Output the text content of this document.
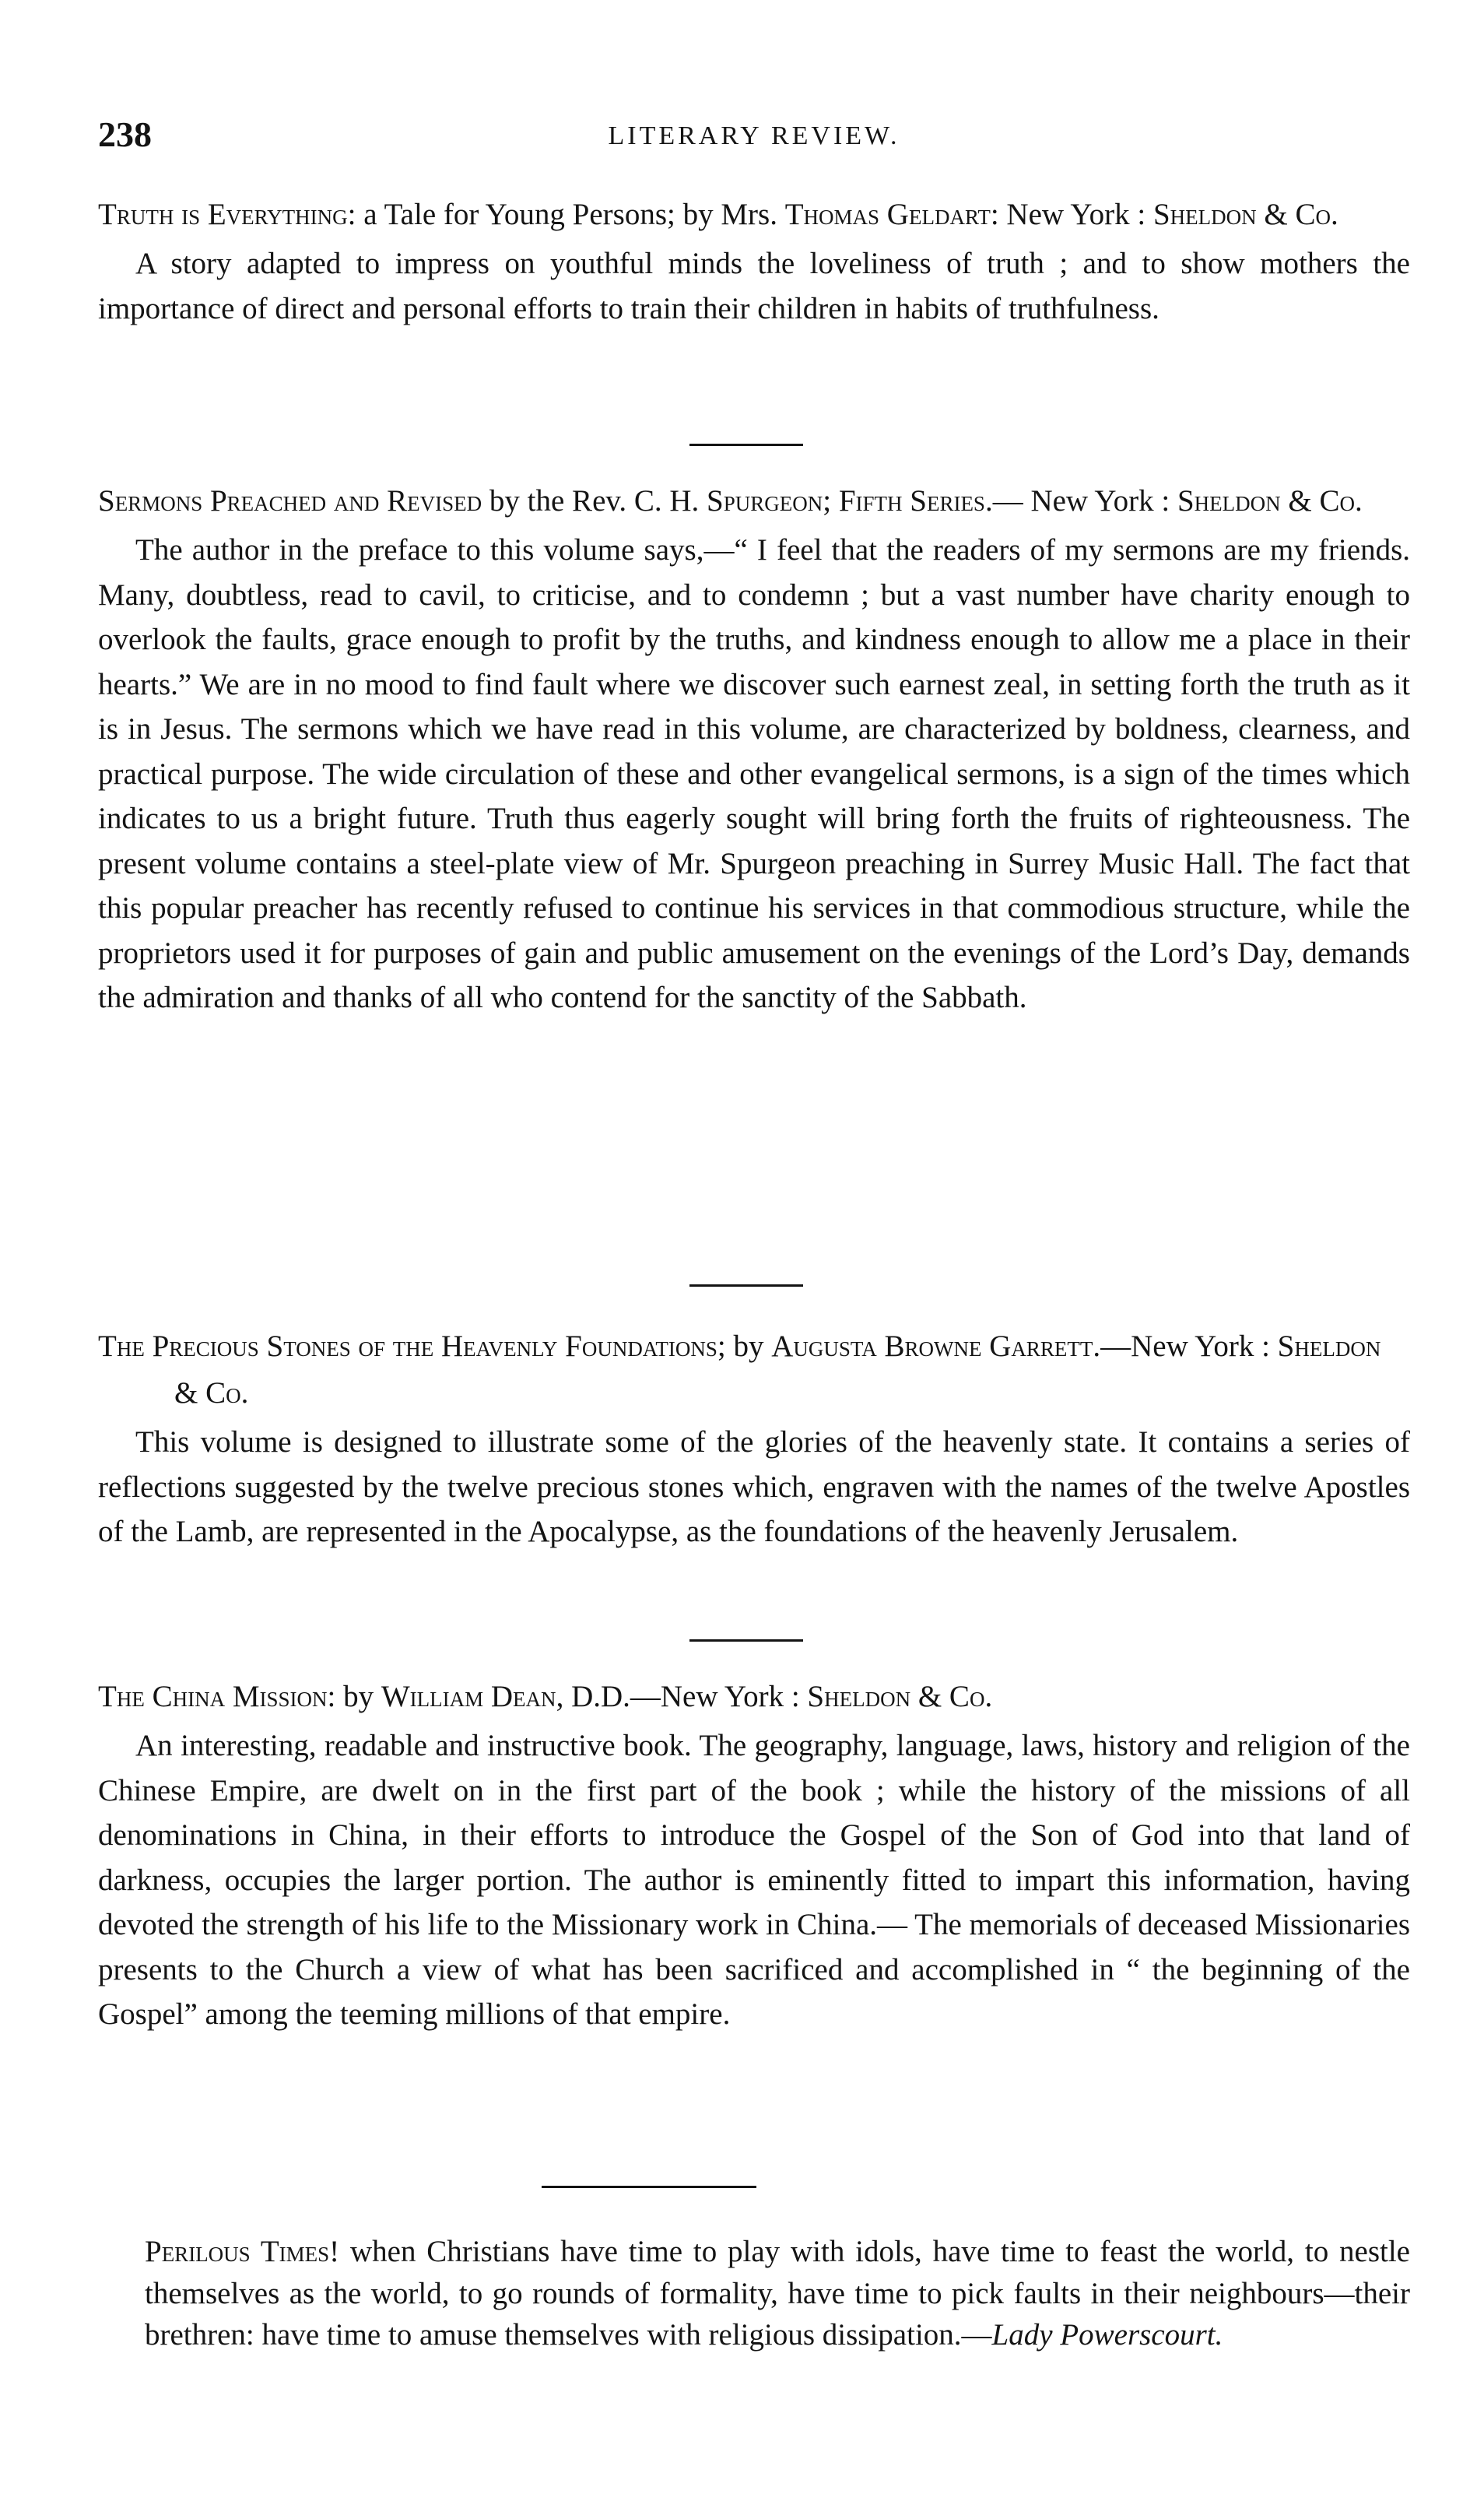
238	LITERARY REVIEW.
Truth is Everything: a Tale for Young Persons; by Mrs. Thomas Geldart: New York : Sheldon & Co.
A story adapted to impress on youthful minds the loveliness of truth ; and to show mothers the importance of direct and personal efforts to train their children in habits of truthfulness.
Sermons Preached and Revised by the Rev. C. H. Spurgeon; Fifth Series.— New York : Sheldon & Co.
The author in the preface to this volume says,—“ I feel that the readers of my sermons are my friends. Many, doubtless, read to cavil, to criticise, and to condemn ; but a vast number have charity enough to overlook the faults, grace enough to profit by the truths, and kindness enough to allow me a place in their hearts.” We are in no mood to find fault where we discover such earnest zeal, in setting forth the truth as it is in Jesus. The sermons which we have read in this volume, are characterized by boldness, clearness, and practical purpose. The wide circulation of these and other evangelical sermons, is a sign of the times which indicates to us a bright future. Truth thus eagerly sought will bring forth the fruits of righteousness. The present volume contains a steel-plate view of Mr. Spurgeon preaching in Surrey Music Hall. The fact that this popular preacher has recently refused to continue his services in that commodious structure, while the proprietors used it for purposes of gain and public amusement on the evenings of the Lord’s Day, demands the admiration and thanks of all who contend for the sanctity of the Sabbath.
The Precious Stones of the Heavenly Foundations; by Augusta Browne Garrett.—New York : Sheldon & Co.
This volume is designed to illustrate some of the glories of the heavenly state. It contains a series of reflections suggested by the twelve precious stones which, engraven with the names of the twelve Apostles of the Lamb, are represented in the Apocalypse, as the foundations of the heavenly Jerusalem.
The China Mission: by William Dean, D.D.—New York : Sheldon & Co.
An interesting, readable and instructive book. The geography, language, laws, history and religion of the Chinese Empire, are dwelt on in the first part of the book ; while the history of the missions of all denominations in China, in their efforts to introduce the Gospel of the Son of God into that land of darkness, occupies the larger portion. The author is eminently fitted to impart this information, having devoted the strength of his life to the Missionary work in China.— The memorials of deceased Missionaries presents to the Church a view of what has been sacrificed and accomplished in “ the beginning of the Gospel” among the teeming millions of that empire.
Perilous Times! when Christians have time to play with idols, have time to feast the world, to nestle themselves as the world, to go rounds of formality, have time to pick faults in their neighbours—their brethren: have time to amuse themselves with religious dissipation.—Lady Powerscourt.
